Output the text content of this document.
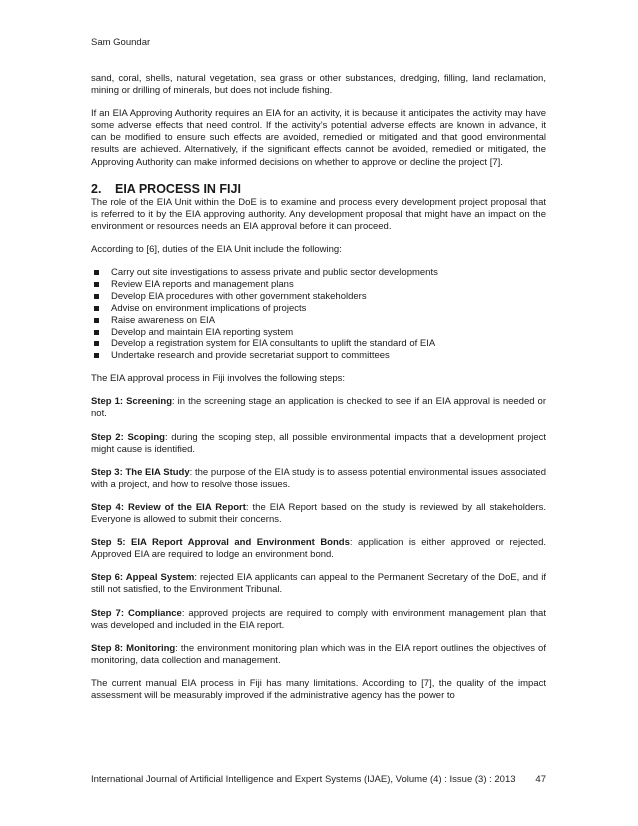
Sam Goundar

sand, coral, shells, natural vegetation, sea grass or other substances, dredging, filling, land reclamation, mining or drilling of minerals, but does not include fishing.

If an EIA Approving Authority requires an EIA for an activity, it is because it anticipates the activity may have some adverse effects that need control. If the activity’s potential adverse effects are known in advance, it can be modified to ensure such effects are avoided, remedied or mitigated and that good environmental results are achieved. Alternatively, if the significant effects cannot be avoided, remedied or mitigated, the Approving Authority can make informed decisions on whether to approve or decline the project [7].

2. EIA PROCESS IN FIJI

The role of the EIA Unit within the DoE is to examine and process every development project proposal that is referred to it by the EIA approving authority. Any development proposal that might have an impact on the environment or resources needs an EIA approval before it can proceed.

According to [6], duties of the EIA Unit include the following:

Carry out site investigations to assess private and public sector developments
Review EIA reports and management plans
Develop EIA procedures with other government stakeholders
Advise on environment implications of projects
Raise awareness on EIA
Develop and maintain EIA reporting system
Develop a registration system for EIA consultants to uplift the standard of EIA
Undertake research and provide secretariat support to committees

The EIA approval process in Fiji involves the following steps:

Step 1: Screening: in the screening stage an application is checked to see if an EIA approval is needed or not.

Step 2: Scoping: during the scoping step, all possible environmental impacts that a development project might cause is identified.

Step 3: The EIA Study: the purpose of the EIA study is to assess potential environmental issues associated with a project, and how to resolve those issues.

Step 4: Review of the EIA Report: the EIA Report based on the study is reviewed by all stakeholders. Everyone is allowed to submit their concerns.

Step 5: EIA Report Approval and Environment Bonds: application is either approved or rejected. Approved EIA are required to lodge an environment bond.

Step 6: Appeal System: rejected EIA applicants can appeal to the Permanent Secretary of the DoE, and if still not satisfied, to the Environment Tribunal.

Step 7: Compliance: approved projects are required to comply with environment management plan that was developed and included in the EIA report.

Step 8: Monitoring: the environment monitoring plan which was in the EIA report outlines the objectives of monitoring, data collection and management.

The current manual EIA process in Fiji has many limitations. According to [7], the quality of the impact assessment will be measurably improved if the administrative agency has the power to

International Journal of Artificial Intelligence and Expert Systems (IJAE), Volume (4) : Issue (3) : 2013 47
